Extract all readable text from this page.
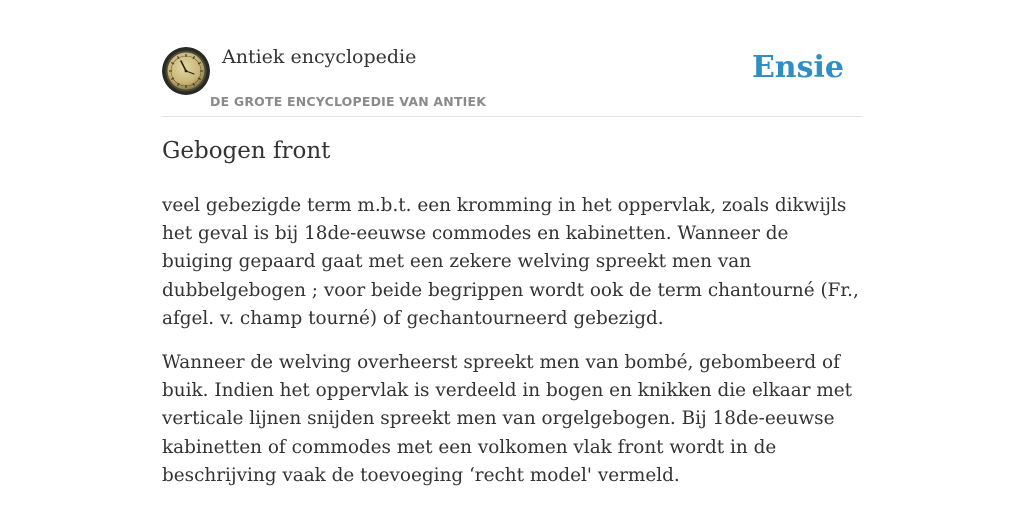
Antiek encyclopedie
DE GROTE ENCYCLOPEDIE VAN ANTIEK
Ensie
Gebogen front

veel gebezigde term m.b.t. een kromming in het oppervlak, zoals dikwijls het geval is bij 18de-eeuwse commodes en kabinetten. Wanneer de buiging gepaard gaat met een zekere welving spreekt men van dubbelgebogen ; voor beide begrippen wordt ook de term chantourné (Fr., afgel. v. champ tourné) of gechantourneerd gebezigd.

Wanneer de welving overheerst spreekt men van bombé, gebombeerd of buik. Indien het oppervlak is verdeeld in bogen en knikken die elkaar met verticale lijnen snijden spreekt men van orgelgebogen. Bij 18de-eeuwse kabinetten of commodes met een volkomen vlak front wordt in de beschrijving vaak de toevoeging ‘recht model' vermeld.
